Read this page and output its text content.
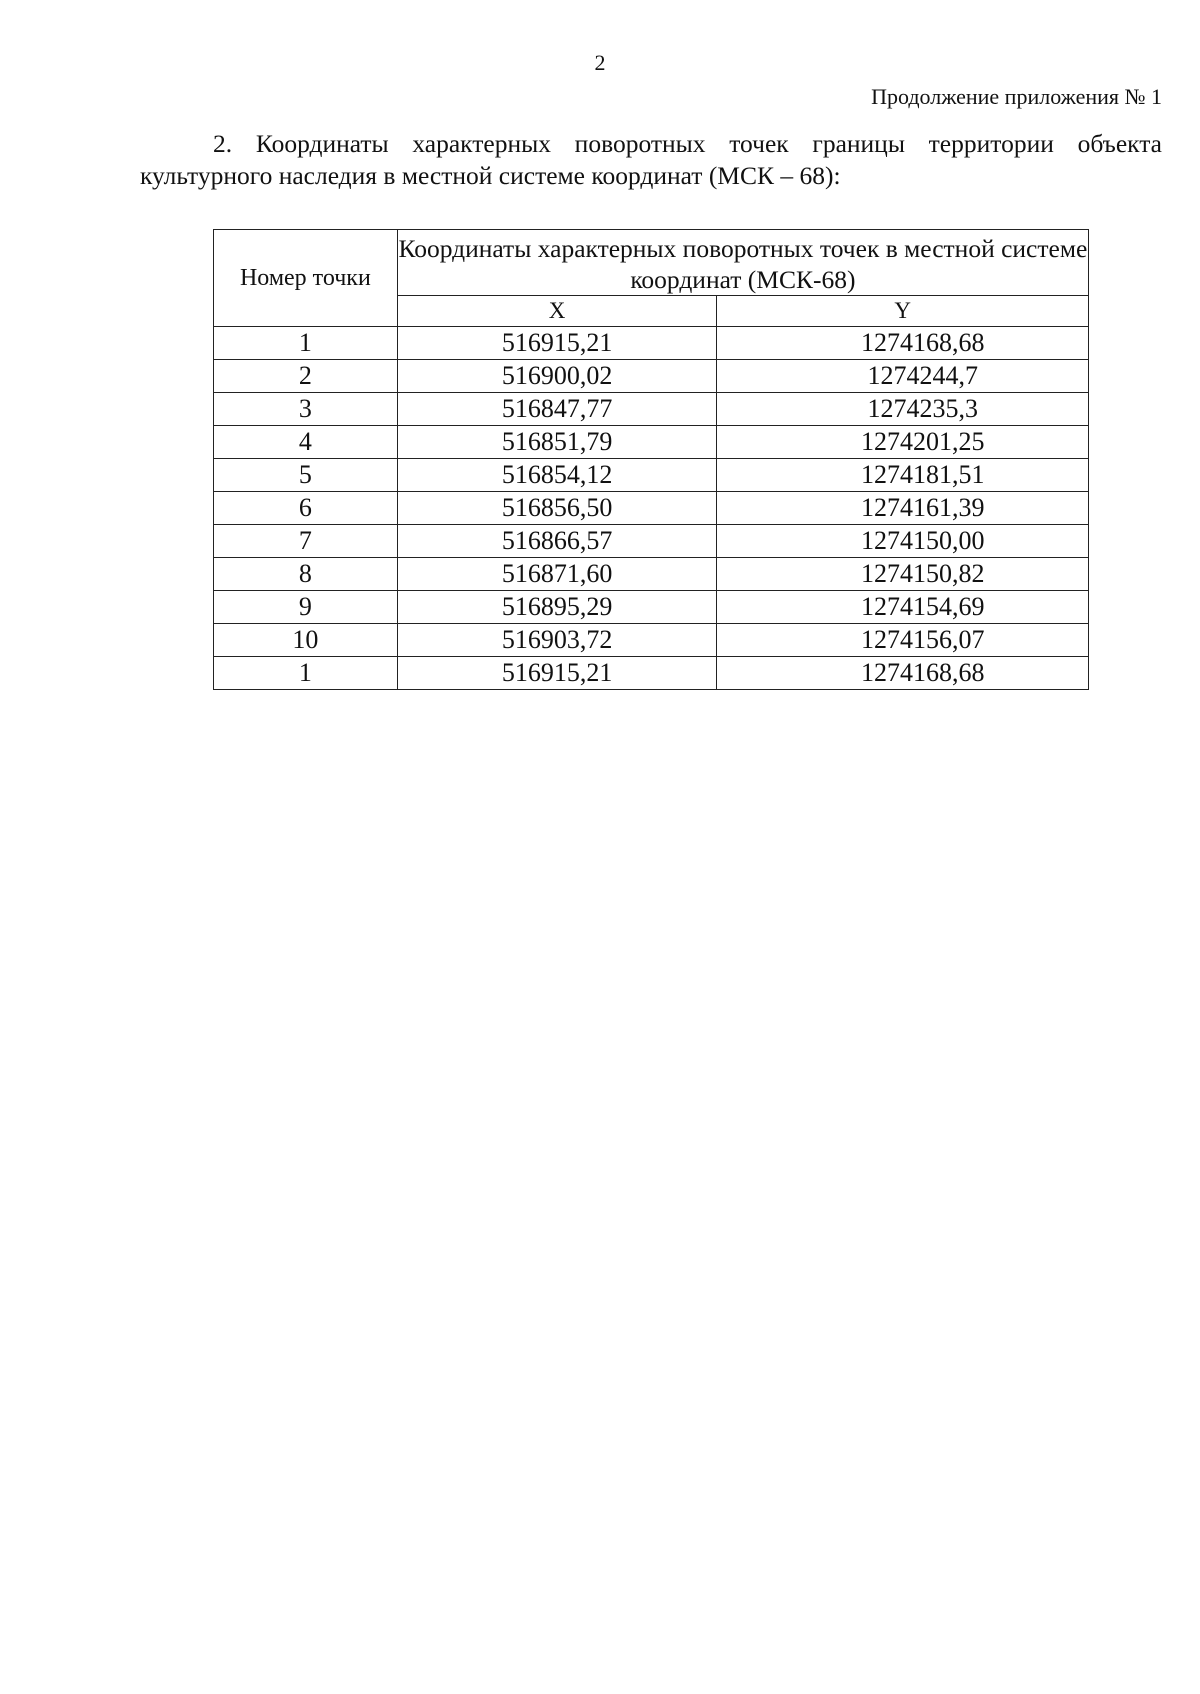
2
Продолжение приложения № 1

2. Координаты характерных поворотных точек границы территории объекта культурного наследия в местной системе координат (МСК – 68):

Номер точки	Координаты характерных поворотных точек в местной системе координат (МСК-68)	
	X	Y
1	516915,21	1274168,68
2	516900,02	1274244,7
3	516847,77	1274235,3
4	516851,79	1274201,25
5	516854,12	1274181,51
6	516856,50	1274161,39
7	516866,57	1274150,00
8	516871,60	1274150,82
9	516895,29	1274154,69
10	516903,72	1274156,07
1	516915,21	1274168,68
